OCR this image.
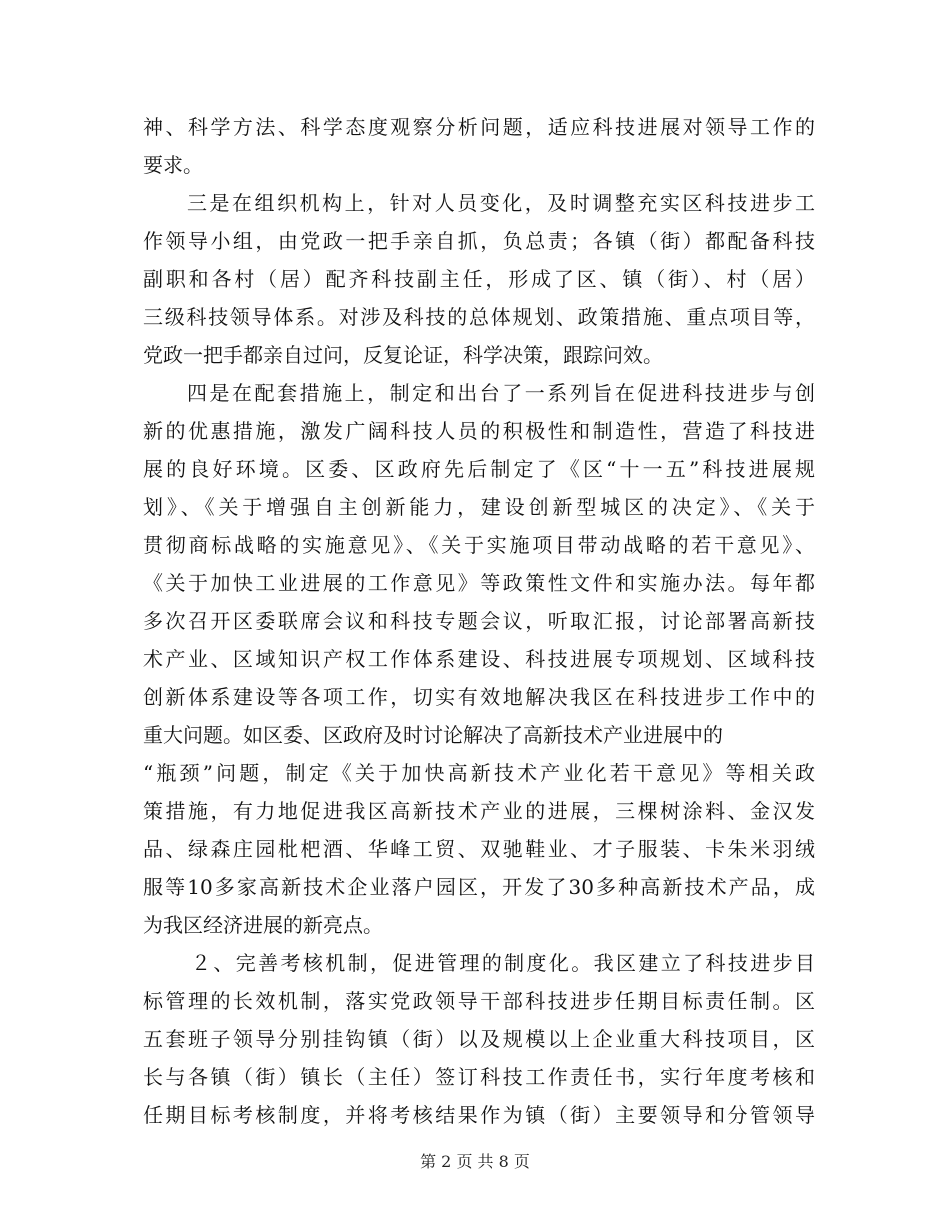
神、科学方法、科学态度观察分析问题，适应科技进展对领导工作的
要求。
三是在组织机构上，针对人员变化，及时调整充实区科技进步工
作领导小组，由党政一把手亲自抓，负总责；各镇（街）都配备科技
副职和各村（居）配齐科技副主任，形成了区、镇（街）、村（居）
三级科技领导体系。对涉及科技的总体规划、政策措施、重点项目等，
党政一把手都亲自过问，反复论证，科学决策，跟踪问效。
四是在配套措施上，制定和出台了一系列旨在促进科技进步与创
新的优惠措施，激发广阔科技人员的积极性和制造性，营造了科技进
展的良好环境。区委、区政府先后制定了《区“十一五”科技进展规
划》、《关于增强自主创新能力，建设创新型城区的决定》、《关于
贯彻商标战略的实施意见》、《关于实施项目带动战略的若干意见》、
《关于加快工业进展的工作意见》等政策性文件和实施办法。每年都
多次召开区委联席会议和科技专题会议，听取汇报，讨论部署高新技
术产业、区域知识产权工作体系建设、科技进展专项规划、区域科技
创新体系建设等各项工作，切实有效地解决我区在科技进步工作中的
重大问题。如区委、区政府及时讨论解决了高新技术产业进展中的
“瓶颈”问题，制定《关于加快高新技术产业化若干意见》等相关政
策措施，有力地促进我区高新技术产业的进展，三棵树涂料、金汉发
品、绿森庄园枇杷酒、华峰工贸、双驰鞋业、才子服装、卡朱米羽绒
服等10多家高新技术企业落户园区，开发了30多种高新技术产品，成
为我区经济进展的新亮点。
２、完善考核机制，促进管理的制度化。我区建立了科技进步目
标管理的长效机制，落实党政领导干部科技进步任期目标责任制。区
五套班子领导分别挂钩镇（街）以及规模以上企业重大科技项目，区
长与各镇（街）镇长（主任）签订科技工作责任书，实行年度考核和
任期目标考核制度，并将考核结果作为镇（街）主要领导和分管领导
第 2 页 共 8 页
